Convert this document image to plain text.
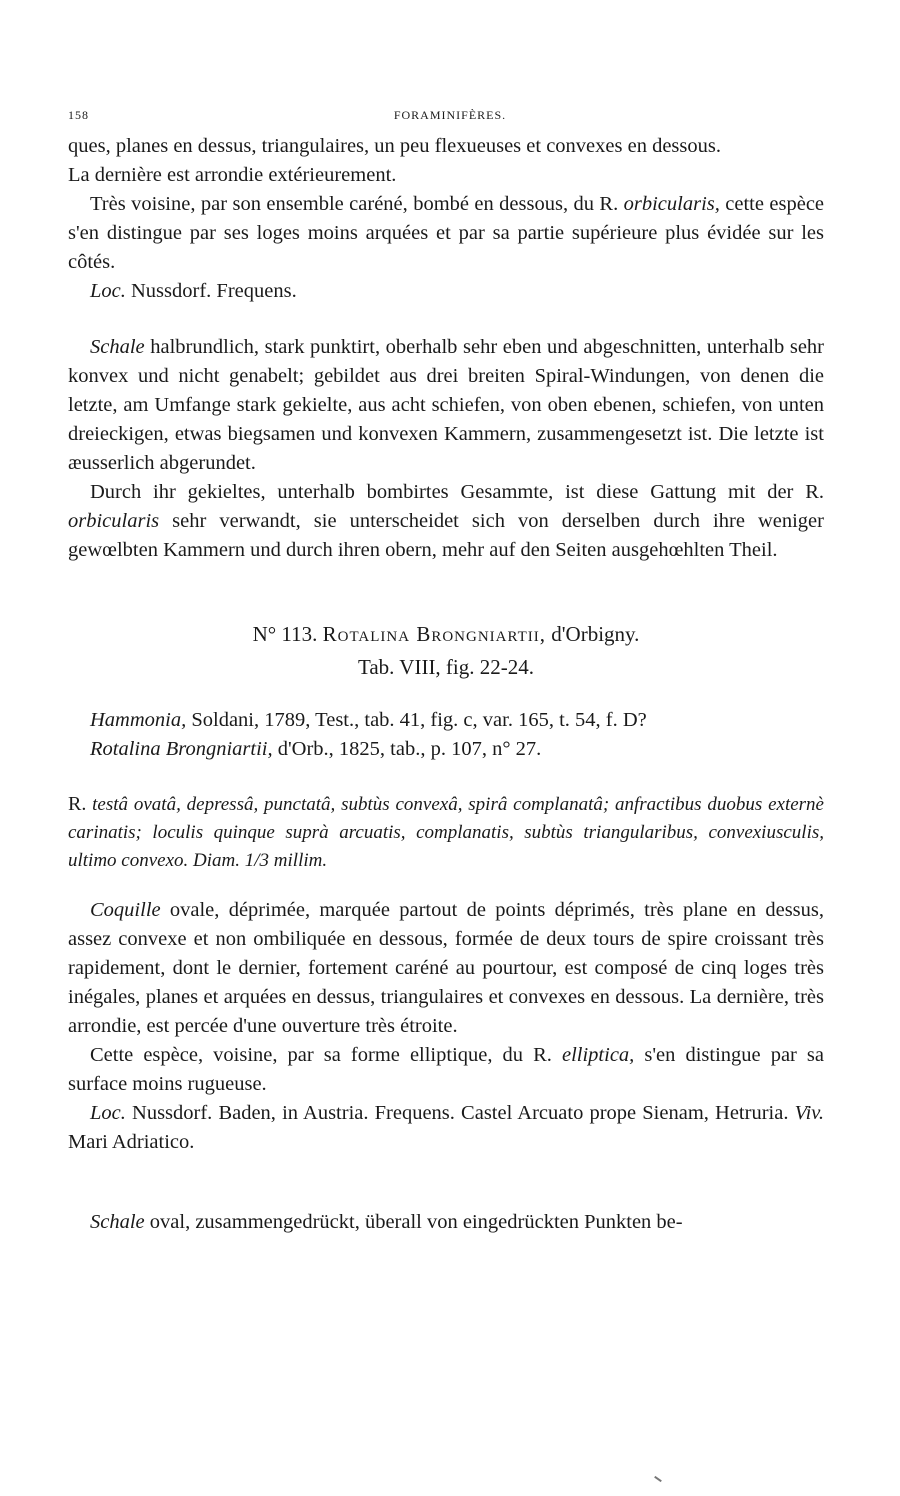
158	FORAMINIFÈRES.

ques, planes en dessus, triangulaires, un peu flexueuses et convexes en dessous.

La dernière est arrondie extérieurement.

Très voisine, par son ensemble caréné, bombé en dessous, du R. orbicularis, cette espèce s'en distingue par ses loges moins arquées et par sa partie supérieure plus évidée sur les côtés.

Loc. Nussdorf. Frequens.

Schale halbrundlich, stark punktirt, oberhalb sehr eben und abgeschnitten, unterhalb sehr konvex und nicht genabelt; gebildet aus drei breiten Spiral-Windungen, von denen die letzte, am Umfange stark gekielte, aus acht schiefen, von oben ebenen, schiefen, von unten dreieckigen, etwas biegsamen und konvexen Kammern, zusammengesetzt ist. Die letzte ist æusserlich abgerundet.

Durch ihr gekieltes, unterhalb bombirtes Gesammte, ist diese Gattung mit der R. orbicularis sehr verwandt, sie unterscheidet sich von derselben durch ihre weniger gewœlbten Kammern und durch ihren obern, mehr auf den Seiten ausgehœhlten Theil.

N° 113. Rotalina Brongniartii, d'Orbigny.
Tab. VIII, fig. 22-24.

Hammonia, Soldani, 1789, Test., tab. 41, fig. c, var. 165, t. 54, f. D?

Rotalina Brongniartii, d'Orb., 1825, tab., p. 107, n° 27.

R. testâ ovatâ, depressâ, punctatâ, subtùs convexâ, spirâ complanatâ; anfractibus duobus externè carinatis; loculis quinque suprà arcuatis, complanatis, subtùs triangularibus, convexiusculis, ultimo convexo. Diam. 1/3 millim.

Coquille ovale, déprimée, marquée partout de points déprimés, très plane en dessus, assez convexe et non ombiliquée en dessous, formée de deux tours de spire croissant très rapidement, dont le dernier, fortement caréné au pourtour, est composé de cinq loges très inégales, planes et arquées en dessus, triangulaires et convexes en dessous. La dernière, très arrondie, est percée d'une ouverture très étroite.

Cette espèce, voisine, par sa forme elliptique, du R. elliptica, s'en distingue par sa surface moins rugueuse.

Loc. Nussdorf. Baden, in Austria. Frequens. Castel Arcuato prope Sienam, Hetruria. Viv. Mari Adriatico.

Schale oval, zusammengedrückt, überall von eingedrückten Punkten be-
